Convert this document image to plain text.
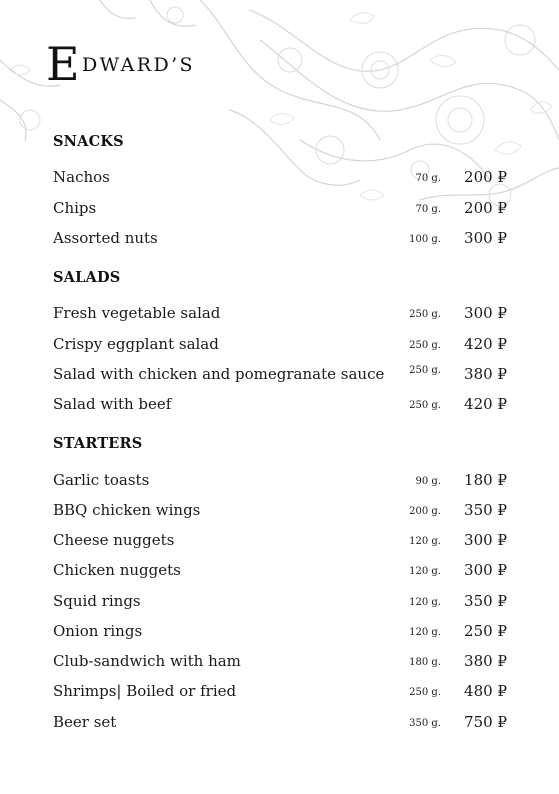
E DWARD’S
SNACKS
Nachos	70 g. 200 ₽
Chips	70 g. 200 ₽
Assorted nuts	100 g. 300 ₽
SALADS
Fresh vegetable salad	250 g. 300 ₽
Crispy eggplant salad	250 g. 420 ₽
Salad with chicken and pomegranate sauce 250 g. 380 ₽
Salad with beef	250 g. 420 ₽
STARTERS
Garlic toasts	90 g. 180 ₽
BBQ chicken wings	200 g. 350 ₽
Cheese nuggets	120 g. 300 ₽
Chicken nuggets	120 g. 300 ₽
Squid rings	120 g. 350 ₽
Onion rings	120 g. 250 ₽
Club-sandwich with ham	180 g. 380 ₽
Shrimps| Boiled or fried	250 g. 480 ₽
Beer set	350 g. 750 ₽
